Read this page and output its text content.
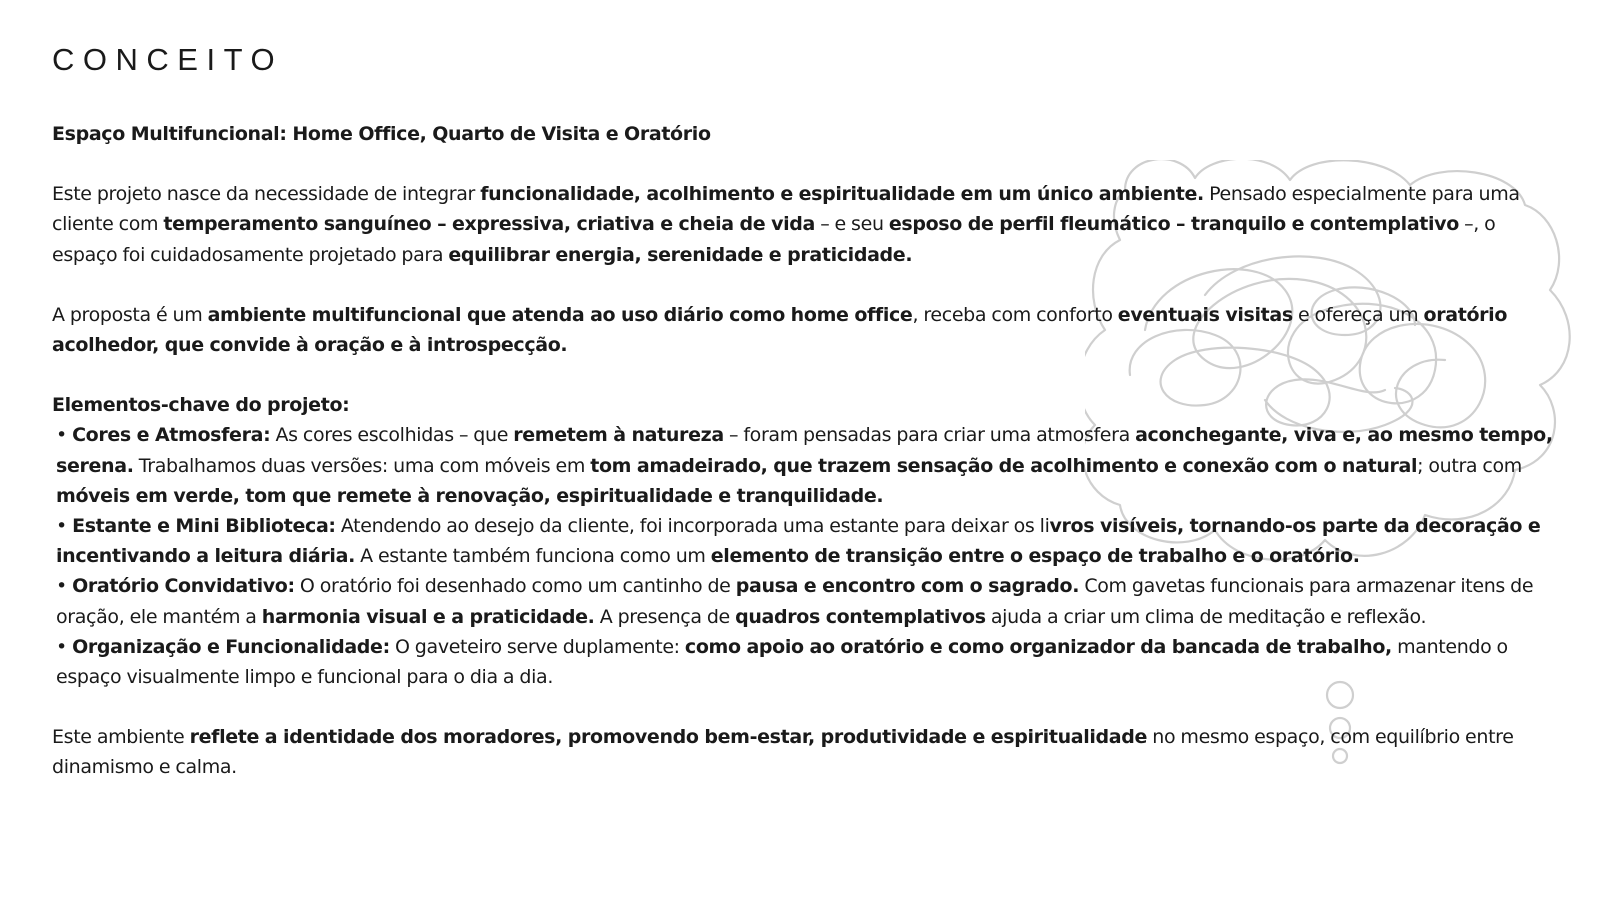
CONCEITO
Espaço Multifuncional: Home Office, Quarto de Visita e Oratório

Este projeto nasce da necessidade de integrar funcionalidade, acolhimento e espiritualidade em um único ambiente. Pensado especialmente para uma cliente com temperamento sanguíneo – expressiva, criativa e cheia de vida – e seu esposo de perfil fleumático – tranquilo e contemplativo –, o espaço foi cuidadosamente projetado para equilibrar energia, serenidade e praticidade.

A proposta é um ambiente multifuncional que atenda ao uso diário como home office, receba com conforto eventuais visitas e ofereça um oratório acolhedor, que convide à oração e à introspecção.

Elementos-chave do projeto:
• Cores e Atmosfera: As cores escolhidas – que remetem à natureza – foram pensadas para criar uma atmosfera aconchegante, viva e, ao mesmo tempo, serena. Trabalhamos duas versões: uma com móveis em tom amadeirado, que trazem sensação de acolhimento e conexão com o natural; outra com móveis em verde, tom que remete à renovação, espiritualidade e tranquilidade.
• Estante e Mini Biblioteca: Atendendo ao desejo da cliente, foi incorporada uma estante para deixar os livros visíveis, tornando-os parte da decoração e incentivando a leitura diária. A estante também funciona como um elemento de transição entre o espaço de trabalho e o oratório.
• Oratório Convidativo: O oratório foi desenhado como um cantinho de pausa e encontro com o sagrado. Com gavetas funcionais para armazenar itens de oração, ele mantém a harmonia visual e a praticidade. A presença de quadros contemplativos ajuda a criar um clima de meditação e reflexão.
• Organização e Funcionalidade: O gaveteiro serve duplamente: como apoio ao oratório e como organizador da bancada de trabalho, mantendo o espaço visualmente limpo e funcional para o dia a dia.

Este ambiente reflete a identidade dos moradores, promovendo bem-estar, produtividade e espiritualidade no mesmo espaço, com equilíbrio entre dinamismo e calma.
